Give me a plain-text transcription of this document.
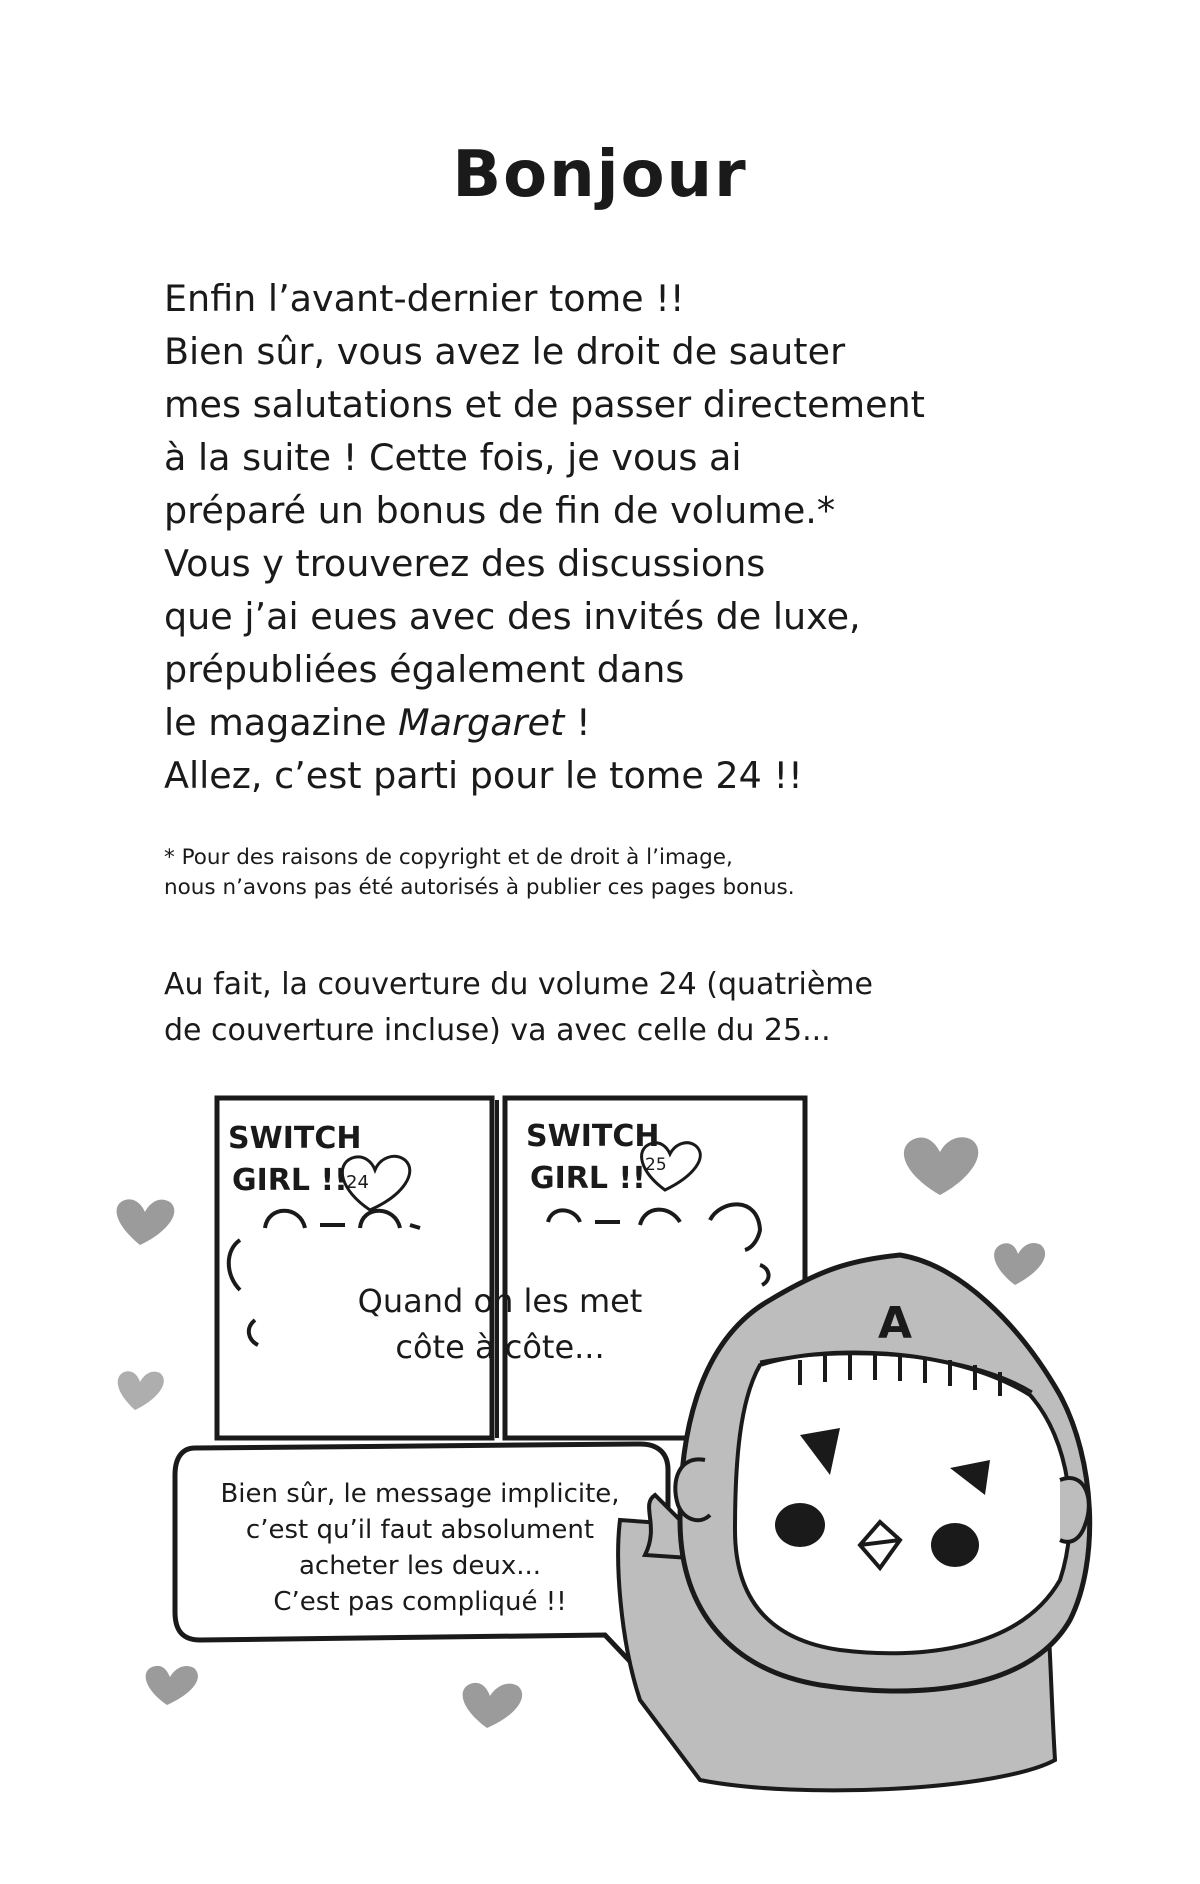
Bonjour
Enfin l’avant-dernier tome !!
Bien sûr, vous avez le droit de sauter
mes salutations et de passer directement
à la suite ! Cette fois, je vous ai
préparé un bonus de fin de volume.*
Vous y trouverez des discussions
que j’ai eues avec des invités de luxe,
prépubliées également dans
le magazine Margaret !
Allez, c’est parti pour le tome 24 !!
* Pour des raisons de copyright et de droit à l’image,
nous n’avons pas été autorisés à publier ces pages bonus.
Au fait, la couverture du volume 24 (quatrième
de couverture incluse) va avec celle du 25...
SWITCH
GIRL !!
24
SWITCH
GIRL !! 25
A
Quand on les met
côte à côte...
Bien sûr, le message implicite,
c’est qu’il faut absolument
acheter les deux...
C’est pas compliqué !!
